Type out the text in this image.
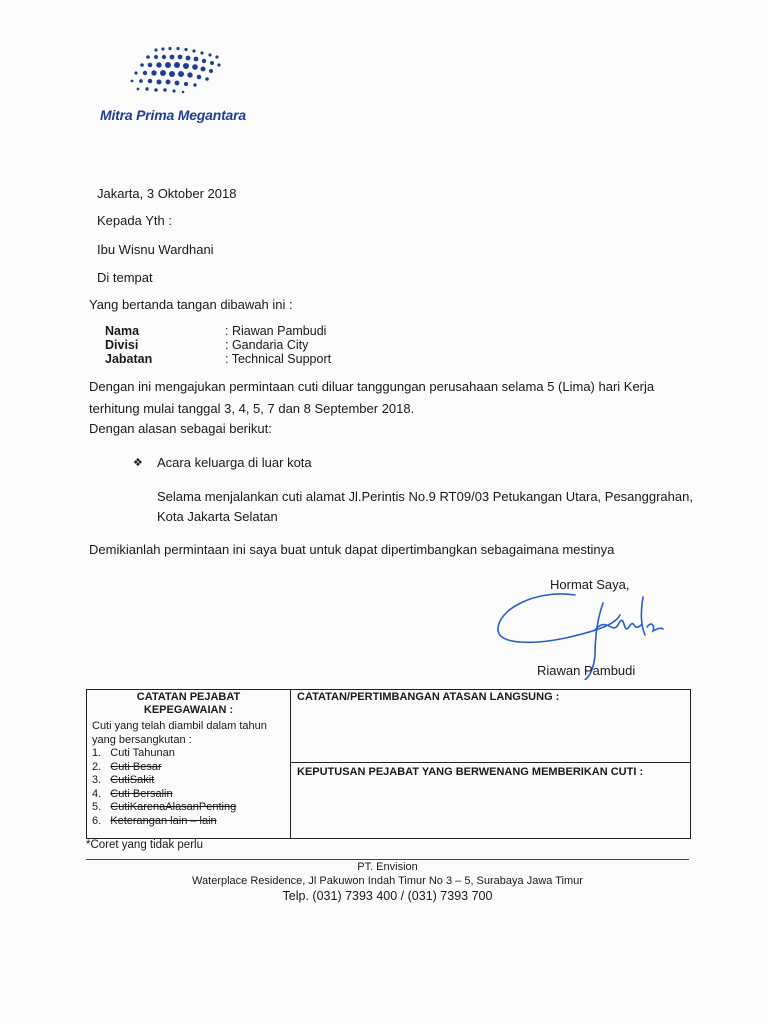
Mitra Prima Megantara
Jakarta, 3 Oktober 2018
Kepada Yth :
Ibu Wisnu Wardhani
Di tempat
Yang bertanda tangan dibawah ini :
Nama	: Riawan Pambudi
Divisi	: Gandaria City
Jabatan	: Technical Support
Dengan ini mengajukan permintaan cuti diluar tanggungan perusahaan selama 5 (Lima) hari Kerja
terhitung mulai tanggal 3, 4, 5, 7 dan 8 September 2018.
Dengan alasan sebagai berikut:
❖ Acara keluarga di luar kota
Selama menjalankan cuti alamat Jl.Perintis No.9 RT09/03 Petukangan Utara, Pesanggrahan,
Kota Jakarta Selatan
Demikianlah permintaan ini saya buat untuk dapat dipertimbangkan sebagaimana mestinya
Hormat Saya,
Riawan Pambudi
CATATAN PEJABAT
KEPEGAWAIAN :
Cuti yang telah diambil dalam tahun
yang bersangkutan :
1. Cuti Tahunan
2. Cuti Besar
3. CutiSakit
4. Cuti Bersalin
5. CutiKarenaAlasanPenting
6. Keterangan lain – lain
CATATAN/PERTIMBANGAN ATASAN LANGSUNG :
KEPUTUSAN PEJABAT YANG BERWENANG MEMBERIKAN CUTI :
*Coret yang tidak perlu
PT. Envision
Waterplace Residence, Jl Pakuwon Indah Timur No 3 – 5, Surabaya Jawa Timur
Telp. (031) 7393 400 / (031) 7393 700
